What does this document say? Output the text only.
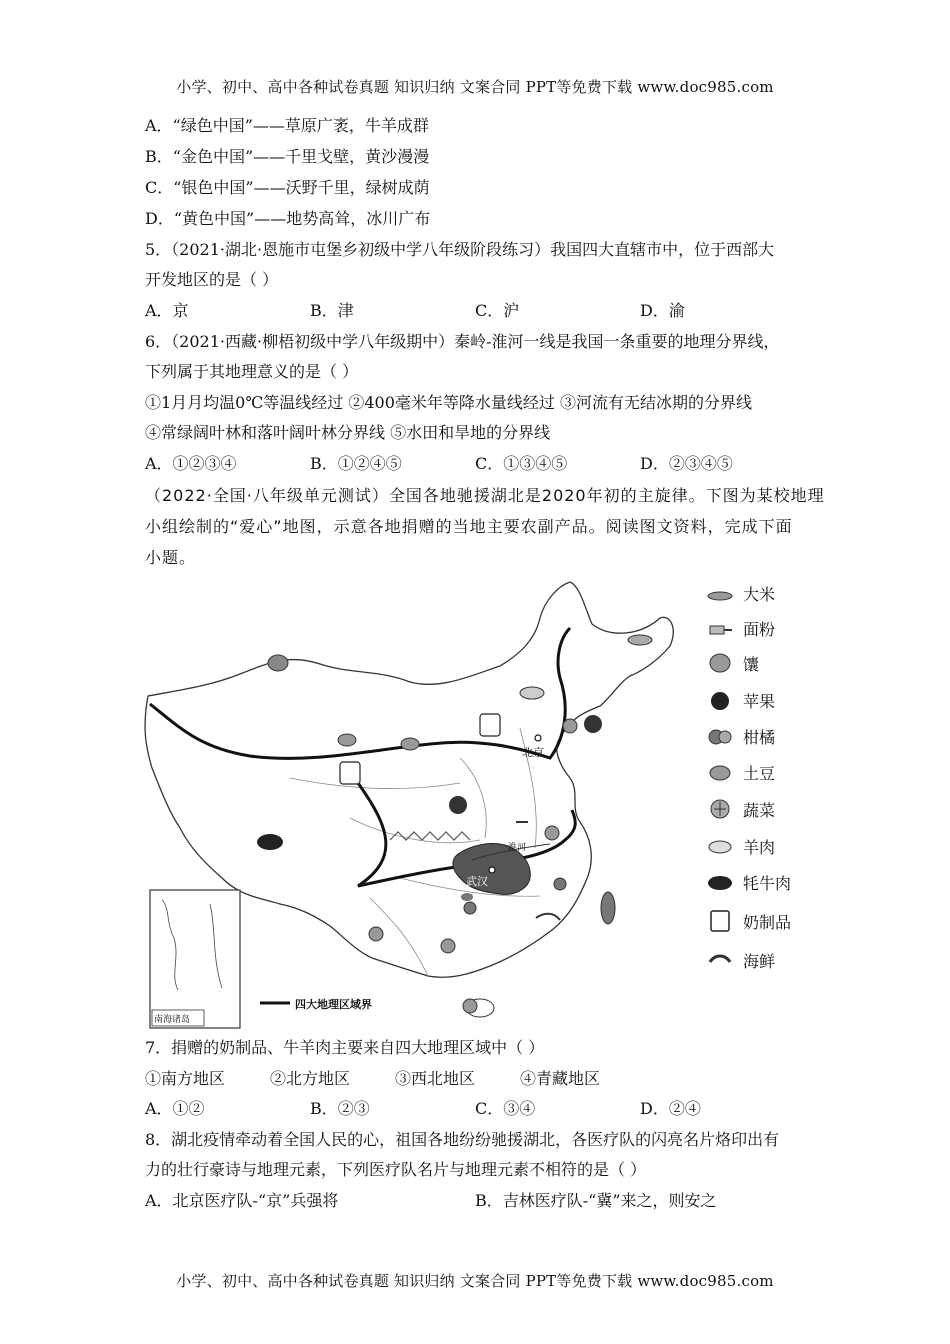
小学、初中、高中各种试卷真题 知识归纳 文案合同 PPT等免费下载 www.doc985.com
A．“绿色中国”——草原广袤，牛羊成群
B．“金色中国”——千里戈壁，黄沙漫漫
C．“银色中国”——沃野千里，绿树成荫
D．“黄色中国”——地势高耸，冰川广布
5．（2021·湖北·恩施市屯堡乡初级中学八年级阶段练习）我国四大直辖市中，位于西部大
开发地区的是（ ）
A．京	B．津	C．沪	D．渝
6．（2021·西藏·柳梧初级中学八年级期中）秦岭-淮河一线是我国一条重要的地理分界线，
下列属于其地理意义的是（ ）
①1月月均温0℃等温线经过 ②400毫米年等降水量线经过 ③河流有无结冰期的分界线
④常绿阔叶林和落叶阔叶林分界线 ⑤水田和旱地的分界线
A．①②③④	B．①②④⑤	C．①③④⑤	D．②③④⑤
（2022·全国·八年级单元测试）全国各地驰援湖北是2020年初的主旋律。下图为某校地理
小组绘制的“爱心”地图，示意各地捐赠的当地主要农副产品。阅读图文资料，完成下面
小题。
四大地理区域界
北京
武汉
淮河
南海诸岛
大米
面粉
馕
苹果
柑橘
土豆
蔬菜
羊肉
牦牛肉
奶制品
海鲜
7．捐赠的奶制品、牛羊肉主要来自四大地理区域中（ ）
①南方地区	②北方地区	③西北地区	④青藏地区
A．①②	B．②③	C．③④	D．②④
8．湖北疫情牵动着全国人民的心，祖国各地纷纷驰援湖北，各医疗队的闪亮名片烙印出有
力的壮行豪诗与地理元素，下列医疗队名片与地理元素不相符的是（ ）
A．北京医疗队-“京”兵强将	B．吉林医疗队-“冀”来之，则安之
小学、初中、高中各种试卷真题 知识归纳 文案合同 PPT等免费下载 www.doc985.com
